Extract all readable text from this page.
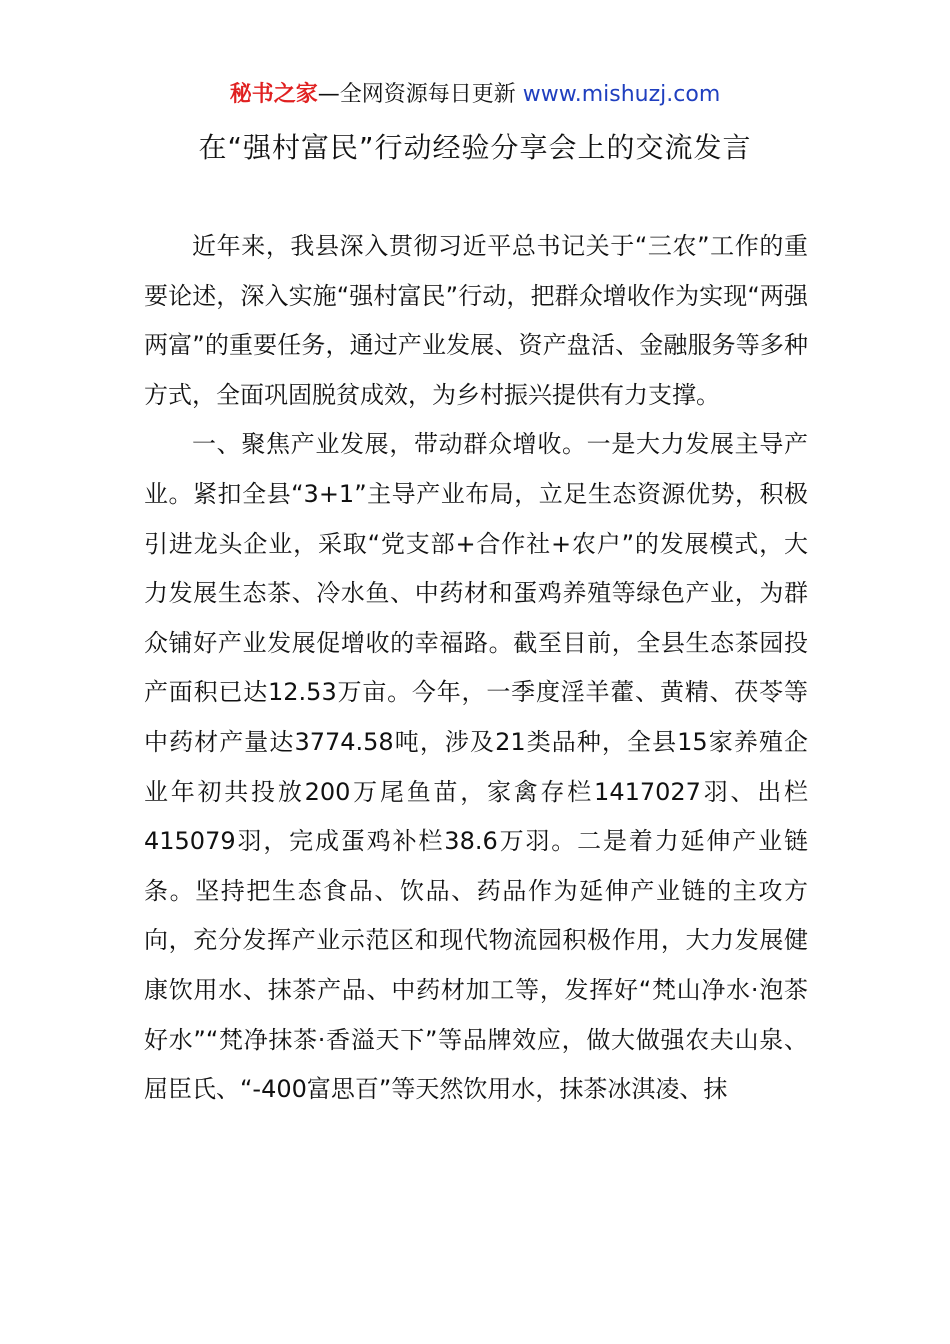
秘书之家—全网资源每日更新 www.mishuzj.com
在“强村富民”行动经验分享会上的交流发言

近年来，我县深入贯彻习近平总书记关于“三农”工作的重要论述，深入实施“强村富民”行动，把群众增收作为实现“两强两富”的重要任务，通过产业发展、资产盘活、金融服务等多种方式，全面巩固脱贫成效，为乡村振兴提供有力支撑。

一、聚焦产业发展，带动群众增收。一是大力发展主导产业。紧扣全县“3+1”主导产业布局，立足生态资源优势，积极引进龙头企业，采取“党支部+合作社+农户”的发展模式，大力发展生态茶、冷水鱼、中药材和蛋鸡养殖等绿色产业，为群众铺好产业发展促增收的幸福路。截至目前，全县生态茶园投产面积已达12.53万亩。今年，一季度淫羊藿、黄精、茯苓等中药材产量达3774.58吨，涉及21类品种，全县15家养殖企业年初共投放200万尾鱼苗，家禽存栏1417027羽、出栏415079羽，完成蛋鸡补栏38.6万羽。二是着力延伸产业链条。坚持把生态食品、饮品、药品作为延伸产业链的主攻方向，充分发挥产业示范区和现代物流园积极作用，大力发展健康饮用水、抹茶产品、中药材加工等，发挥好“梵山净水·泡茶好水”“梵净抹茶·香溢天下”等品牌效应，做大做强农夫山泉、屈臣氏、“-400富思百”等天然饮用水，抹茶冰淇凌、抹
